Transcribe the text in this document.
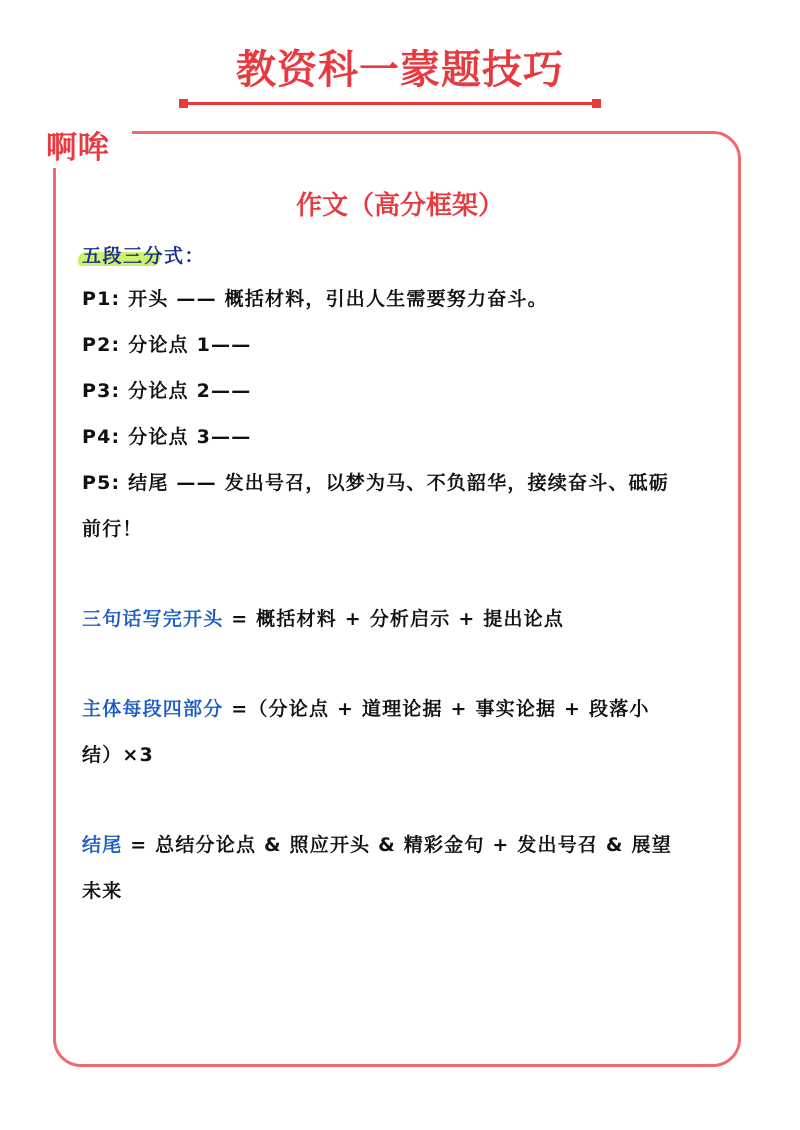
教资科一蒙题技巧
啊哞
作文（高分框架）
五段三分式：
P1: 开头 —— 概括材料，引出人生需要努力奋斗。
P2: 分论点 1——
P3: 分论点 2——
P4: 分论点 3——
P5: 结尾 —— 发出号召，以梦为马、不负韶华，接续奋斗、砥砺
前行！
三句话写完开头 = 概括材料 + 分析启示 + 提出论点
主体每段四部分 =（分论点 + 道理论据 + 事实论据 + 段落小
结）×3
结尾 = 总结分论点 & 照应开头 & 精彩金句 + 发出号召 & 展望
未来
